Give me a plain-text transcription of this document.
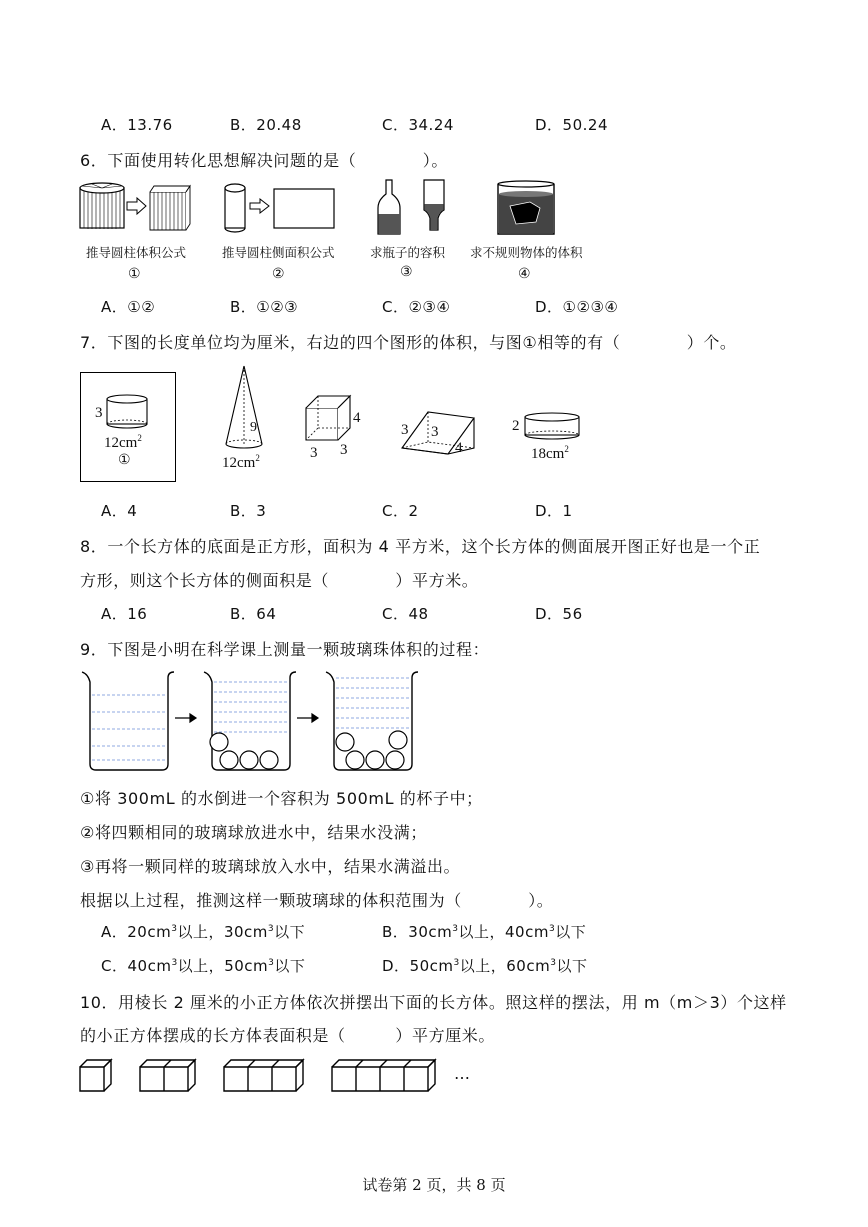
A．13.76	B．20.48	C．34.24	D．50.24
6．下面使用转化思想解决问题的是（　　　　）。
推导圆柱体积公式
①
推导圆柱侧面积公式
②
求瓶子的容积
③
求不规则物体的体积
④
A．①②	B．①②③	C．②③④	D．①②③④
7．下图的长度单位均为厘米，右边的四个图形的体积，与图①相等的有（　　　　）个。
3
$12cm^2$
①
9
$12cm^2$
4
3 3
3 3
4
2
$18cm^2$
A．4	B．3	C．2	D．1
8．一个长方体的底面是正方形，面积为 4 平方米，这个长方体的侧面展开图正好也是一个正
方形，则这个长方体的侧面积是（　　　　）平方米。
A．16	B．64	C．48	D．56
9．下图是小明在科学课上测量一颗玻璃珠体积的过程：
①将 300mL 的水倒进一个容积为 500mL 的杯子中；
②将四颗相同的玻璃球放进水中，结果水没满；
③再将一颗同样的玻璃球放入水中，结果水满溢出。
根据以上过程，推测这样一颗玻璃球的体积范围为（　　　　）。
A．$20cm^3$以上，$30cm^3$以下	B．$30cm^3$以上，$40cm^3$以下
C．$40cm^3$以上，$50cm^3$以下	D．$50cm^3$以上，$60cm^3$以下
10．用棱长 2 厘米的小正方体依次拼摆出下面的长方体。照这样的摆法，用 m（m＞3）个这样
的小正方体摆成的长方体表面积是（　　　）平方厘米。
…
试卷第 2 页，共 8 页
